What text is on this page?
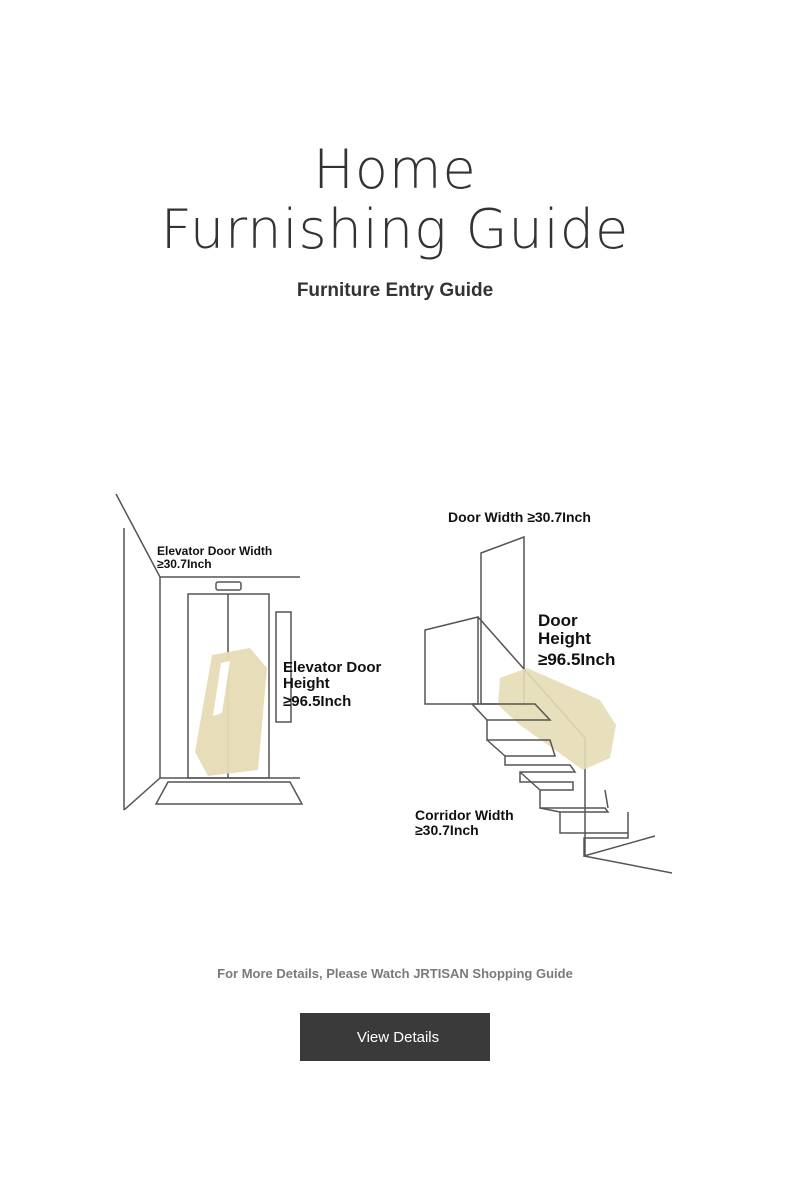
Home
Furnishing Guide
Furniture Entry Guide
Elevator Door Width
≥30.7Inch
Elevator Door
Height
≥96.5Inch
Door Width ≥30.7Inch
Door
Height
≥96.5Inch
Corridor Width
≥30.7Inch
For More Details, Please Watch JRTISAN Shopping Guide
View Details
